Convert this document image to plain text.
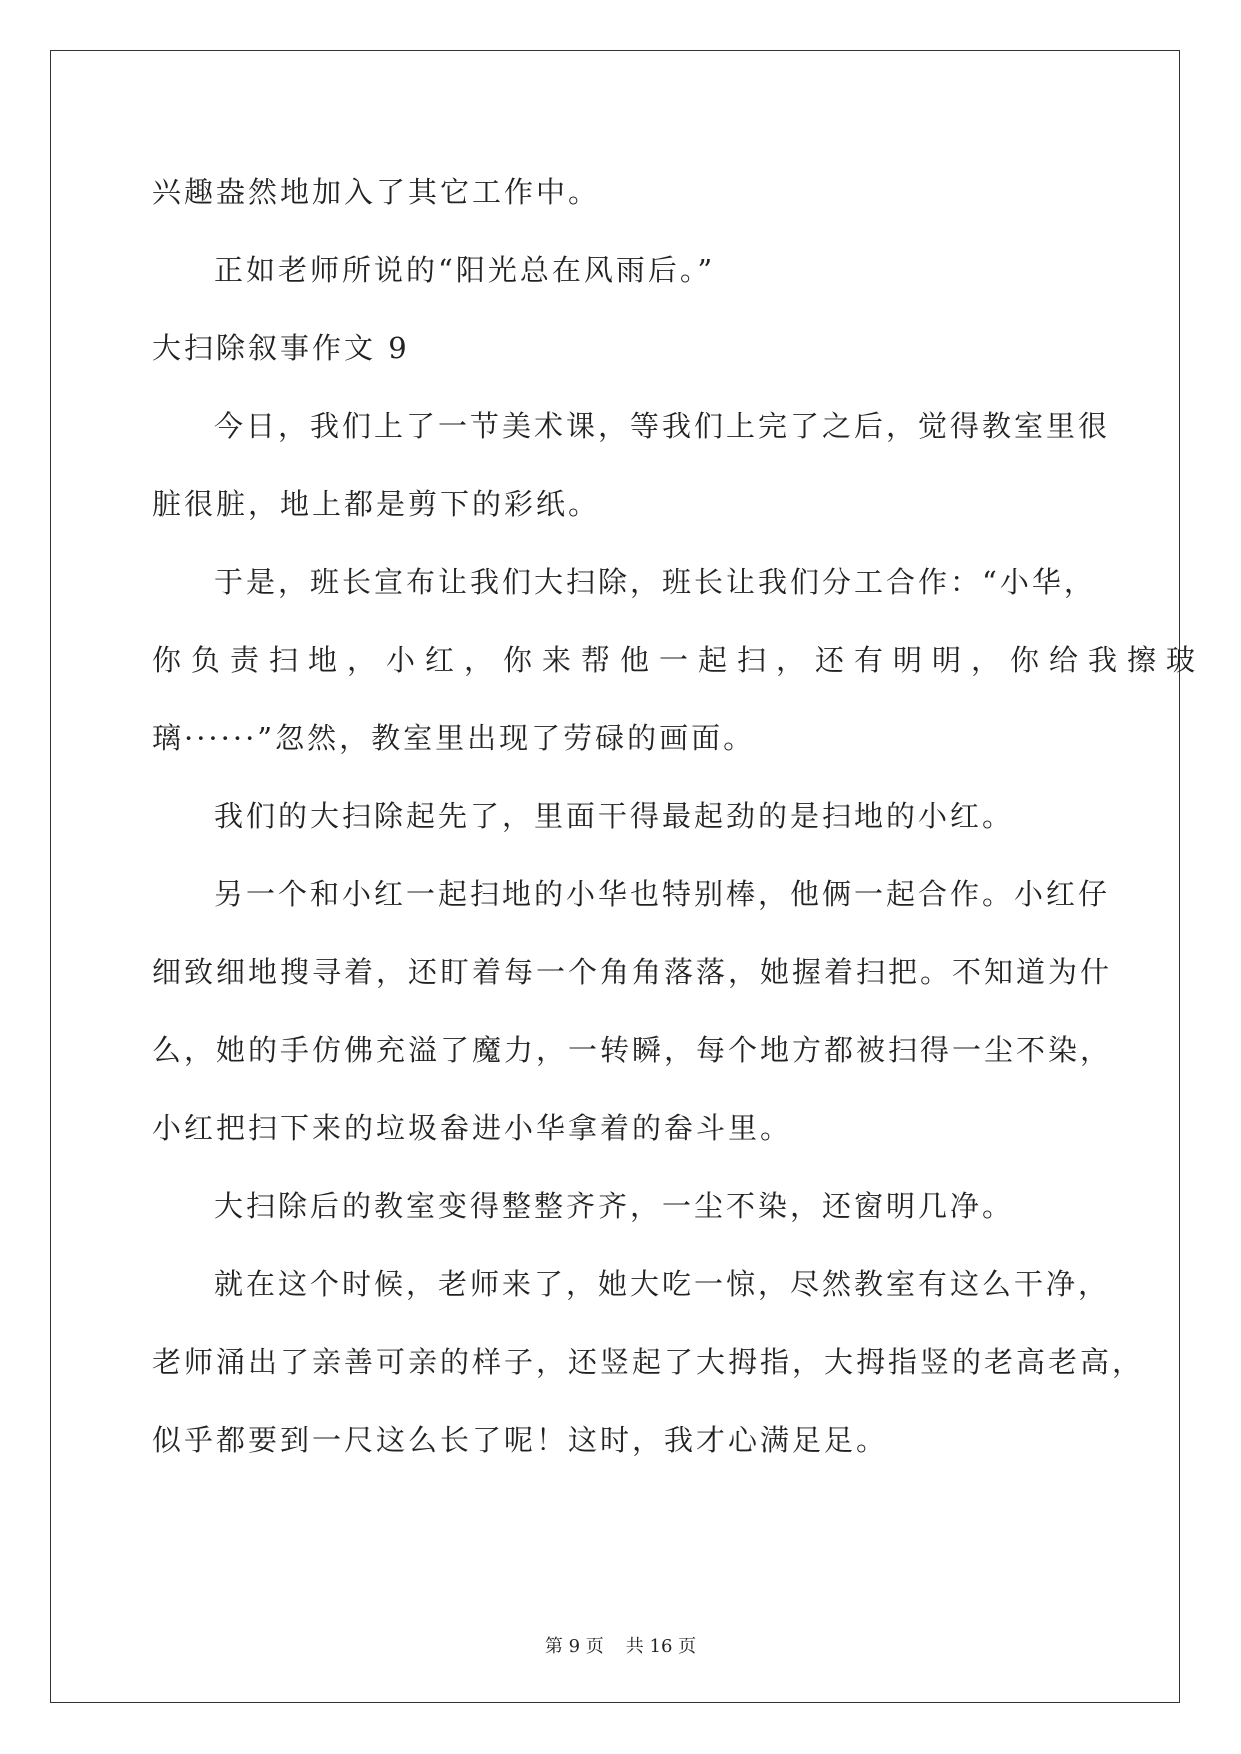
兴趣盎然地加入了其它工作中。
正如老师所说的“阳光总在风雨后。”
大扫除叙事作文 9
今日，我们上了一节美术课，等我们上完了之后，觉得教室里很
脏很脏，地上都是剪下的彩纸。
于是，班长宣布让我们大扫除，班长让我们分工合作：“小华，
你负责扫地，小红，你来帮他一起扫，还有明明，你给我擦玻
璃······”忽然，教室里出现了劳碌的画面。
我们的大扫除起先了，里面干得最起劲的是扫地的小红。
另一个和小红一起扫地的小华也特别棒，他俩一起合作。小红仔
细致细地搜寻着，还盯着每一个角角落落，她握着扫把。不知道为什
么，她的手仿佛充溢了魔力，一转瞬，每个地方都被扫得一尘不染，
小红把扫下来的垃圾畚进小华拿着的畚斗里。
大扫除后的教室变得整整齐齐，一尘不染，还窗明几净。
就在这个时候，老师来了，她大吃一惊，尽然教室有这么干净，
老师涌出了亲善可亲的样子，还竖起了大拇指，大拇指竖的老高老高，
似乎都要到一尺这么长了呢！这时，我才心满足足。
第 9 页 共 16 页
